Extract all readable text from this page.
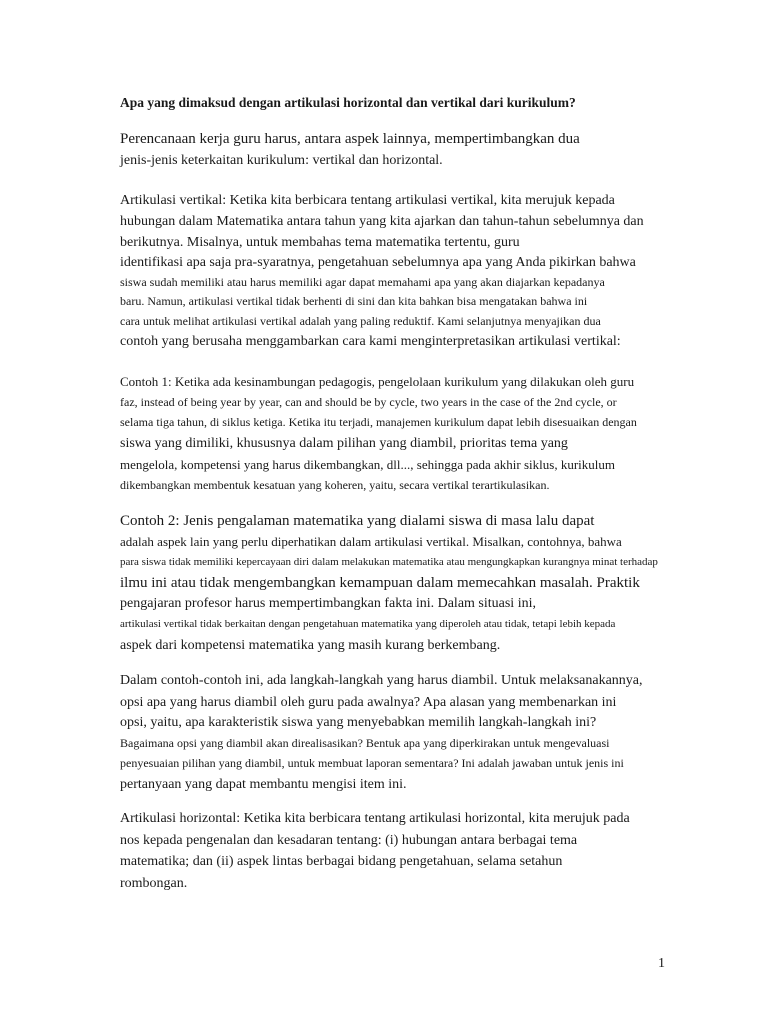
Apa yang dimaksud dengan artikulasi horizontal dan vertikal dari kurikulum?
Perencanaan kerja guru harus, antara aspek lainnya, mempertimbangkan dua
jenis-jenis keterkaitan kurikulum: vertikal dan horizontal.
Artikulasi vertikal: Ketika kita berbicara tentang artikulasi vertikal, kita merujuk kepada
hubungan dalam Matematika antara tahun yang kita ajarkan dan tahun-tahun sebelumnya dan
berikutnya. Misalnya, untuk membahas tema matematika tertentu, guru
identifikasi apa saja pra-syaratnya, pengetahuan sebelumnya apa yang Anda pikirkan bahwa
siswa sudah memiliki atau harus memiliki agar dapat memahami apa yang akan diajarkan kepadanya
baru. Namun, artikulasi vertikal tidak berhenti di sini dan kita bahkan bisa mengatakan bahwa ini
cara untuk melihat artikulasi vertikal adalah yang paling reduktif. Kami selanjutnya menyajikan dua
contoh yang berusaha menggambarkan cara kami menginterpretasikan artikulasi vertikal:
Contoh 1: Ketika ada kesinambungan pedagogis, pengelolaan kurikulum yang dilakukan oleh guru
faz, instead of being year by year, can and should be by cycle, two years in the case of the 2nd cycle, or
selama tiga tahun, di siklus ketiga. Ketika itu terjadi, manajemen kurikulum dapat lebih disesuaikan dengan
siswa yang dimiliki, khususnya dalam pilihan yang diambil, prioritas tema yang
mengelola, kompetensi yang harus dikembangkan, dll..., sehingga pada akhir siklus, kurikulum
dikembangkan membentuk kesatuan yang koheren, yaitu, secara vertikal terartikulasikan.
Contoh 2: Jenis pengalaman matematika yang dialami siswa di masa lalu dapat
adalah aspek lain yang perlu diperhatikan dalam artikulasi vertikal. Misalkan, contohnya, bahwa
para siswa tidak memiliki kepercayaan diri dalam melakukan matematika atau mengungkapkan kurangnya minat terhadap
ilmu ini atau tidak mengembangkan kemampuan dalam memecahkan masalah. Praktik
pengajaran profesor harus mempertimbangkan fakta ini. Dalam situasi ini,
artikulasi vertikal tidak berkaitan dengan pengetahuan matematika yang diperoleh atau tidak, tetapi lebih kepada
aspek dari kompetensi matematika yang masih kurang berkembang.
Dalam contoh-contoh ini, ada langkah-langkah yang harus diambil. Untuk melaksanakannya,
opsi apa yang harus diambil oleh guru pada awalnya? Apa alasan yang membenarkan ini
opsi, yaitu, apa karakteristik siswa yang menyebabkan memilih langkah-langkah ini?
Bagaimana opsi yang diambil akan direalisasikan? Bentuk apa yang diperkirakan untuk mengevaluasi
penyesuaian pilihan yang diambil, untuk membuat laporan sementara? Ini adalah jawaban untuk jenis ini
pertanyaan yang dapat membantu mengisi item ini.
Artikulasi horizontal: Ketika kita berbicara tentang artikulasi horizontal, kita merujuk pada
nos kepada pengenalan dan kesadaran tentang: (i) hubungan antara berbagai tema
matematika; dan (ii) aspek lintas berbagai bidang pengetahuan, selama setahun
rombongan.
1
